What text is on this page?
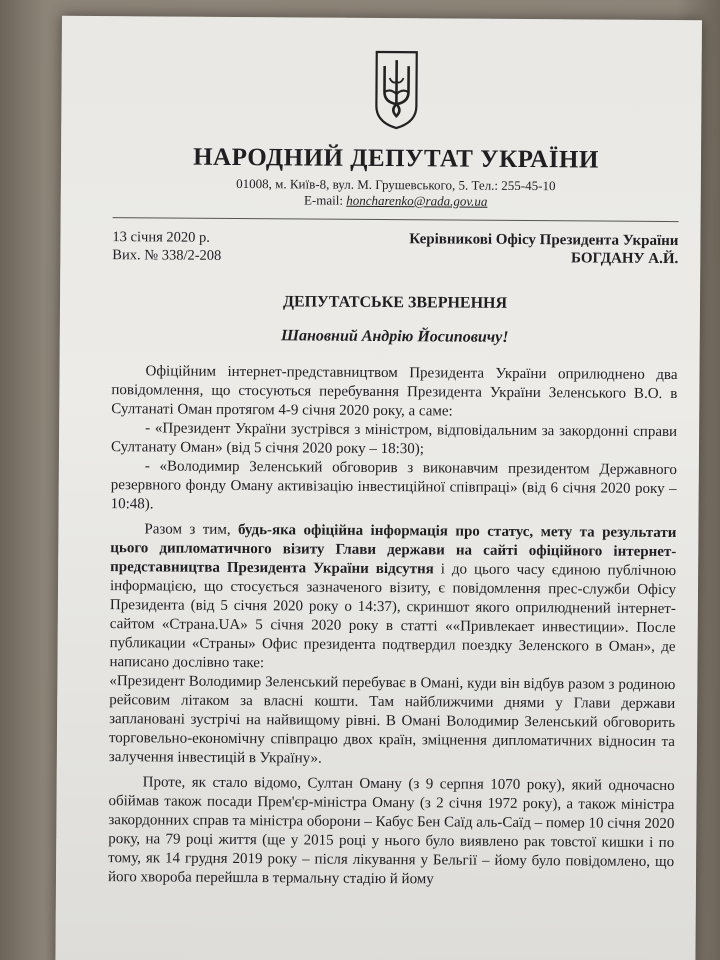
НАРОДНИЙ ДЕПУТАТ УКРАЇНИ
01008, м. Київ-8, вул. М. Грушевського, 5. Тел.: 255-45-10
E-mail: honcharenko@rada.gov.ua
13 січня 2020 р.
Вих. № 338/2-208
Керівникові Офісу Президента України
БОГДАНУ А.Й.
ДЕПУТАТСЬКЕ ЗВЕРНЕННЯ
Шановний Андрію Йосиповичу!

Офіційним інтернет-представництвом Президента України оприлюднено два повідомлення, що стосуються перебування Президента України Зеленського В.О. в Султанаті Оман протягом 4-9 січня 2020 року, а саме:

- «Президент України зустрівся з міністром, відповідальним за закордонні справи Султанату Оман» (від 5 січня 2020 року – 18:30);

- «Володимир Зеленський обговорив з виконавчим президентом Державного резервного фонду Оману активізацію інвестиційної співпраці» (від 6 січня 2020 року – 10:48).

Разом з тим, будь-яка офіційна інформація про статус, мету та результати цього дипломатичного візиту Глави держави на сайті офіційного інтернет-представництва Президента України відсутня і до цього часу єдиною публічною інформацією, що стосується зазначеного візиту, є повідомлення прес-служби Офісу Президента (від 5 січня 2020 року о 14:37), скриншот якого оприлюднений інтернет-сайтом «Страна.UA» 5 січня 2020 року в статті ««Привлекает инвестиции». После публикации «Страны» Офис президента подтвердил поездку Зеленского в Оман», де написано дослівно таке:

«Президент Володимир Зеленський перебуває в Омані, куди він відбув разом з родиною рейсовим літаком за власні кошти. Там найближчими днями у Глави держави заплановані зустрічі на найвищому рівні. В Омані Володимир Зеленський обговорить торговельно-економічну співпрацю двох країн, зміцнення дипломатичних відносин та залучення інвестицій в Україну».

Проте, як стало відомо, Султан Оману (з 9 серпня 1070 року), який одночасно обіймав також посади Прем'єр-міністра Оману (з 2 січня 1972 року), а також міністра закордонних справ та міністра оборони – Кабус Бен Саїд аль-Саїд – помер 10 січня 2020 року, на 79 році життя (ще у 2015 році у нього було виявлено рак товстої кишки і по тому, як 14 грудня 2019 року – після лікування у Бельгії – йому було повідомлено, що його хвороба перейшла в термальну стадію й йому
